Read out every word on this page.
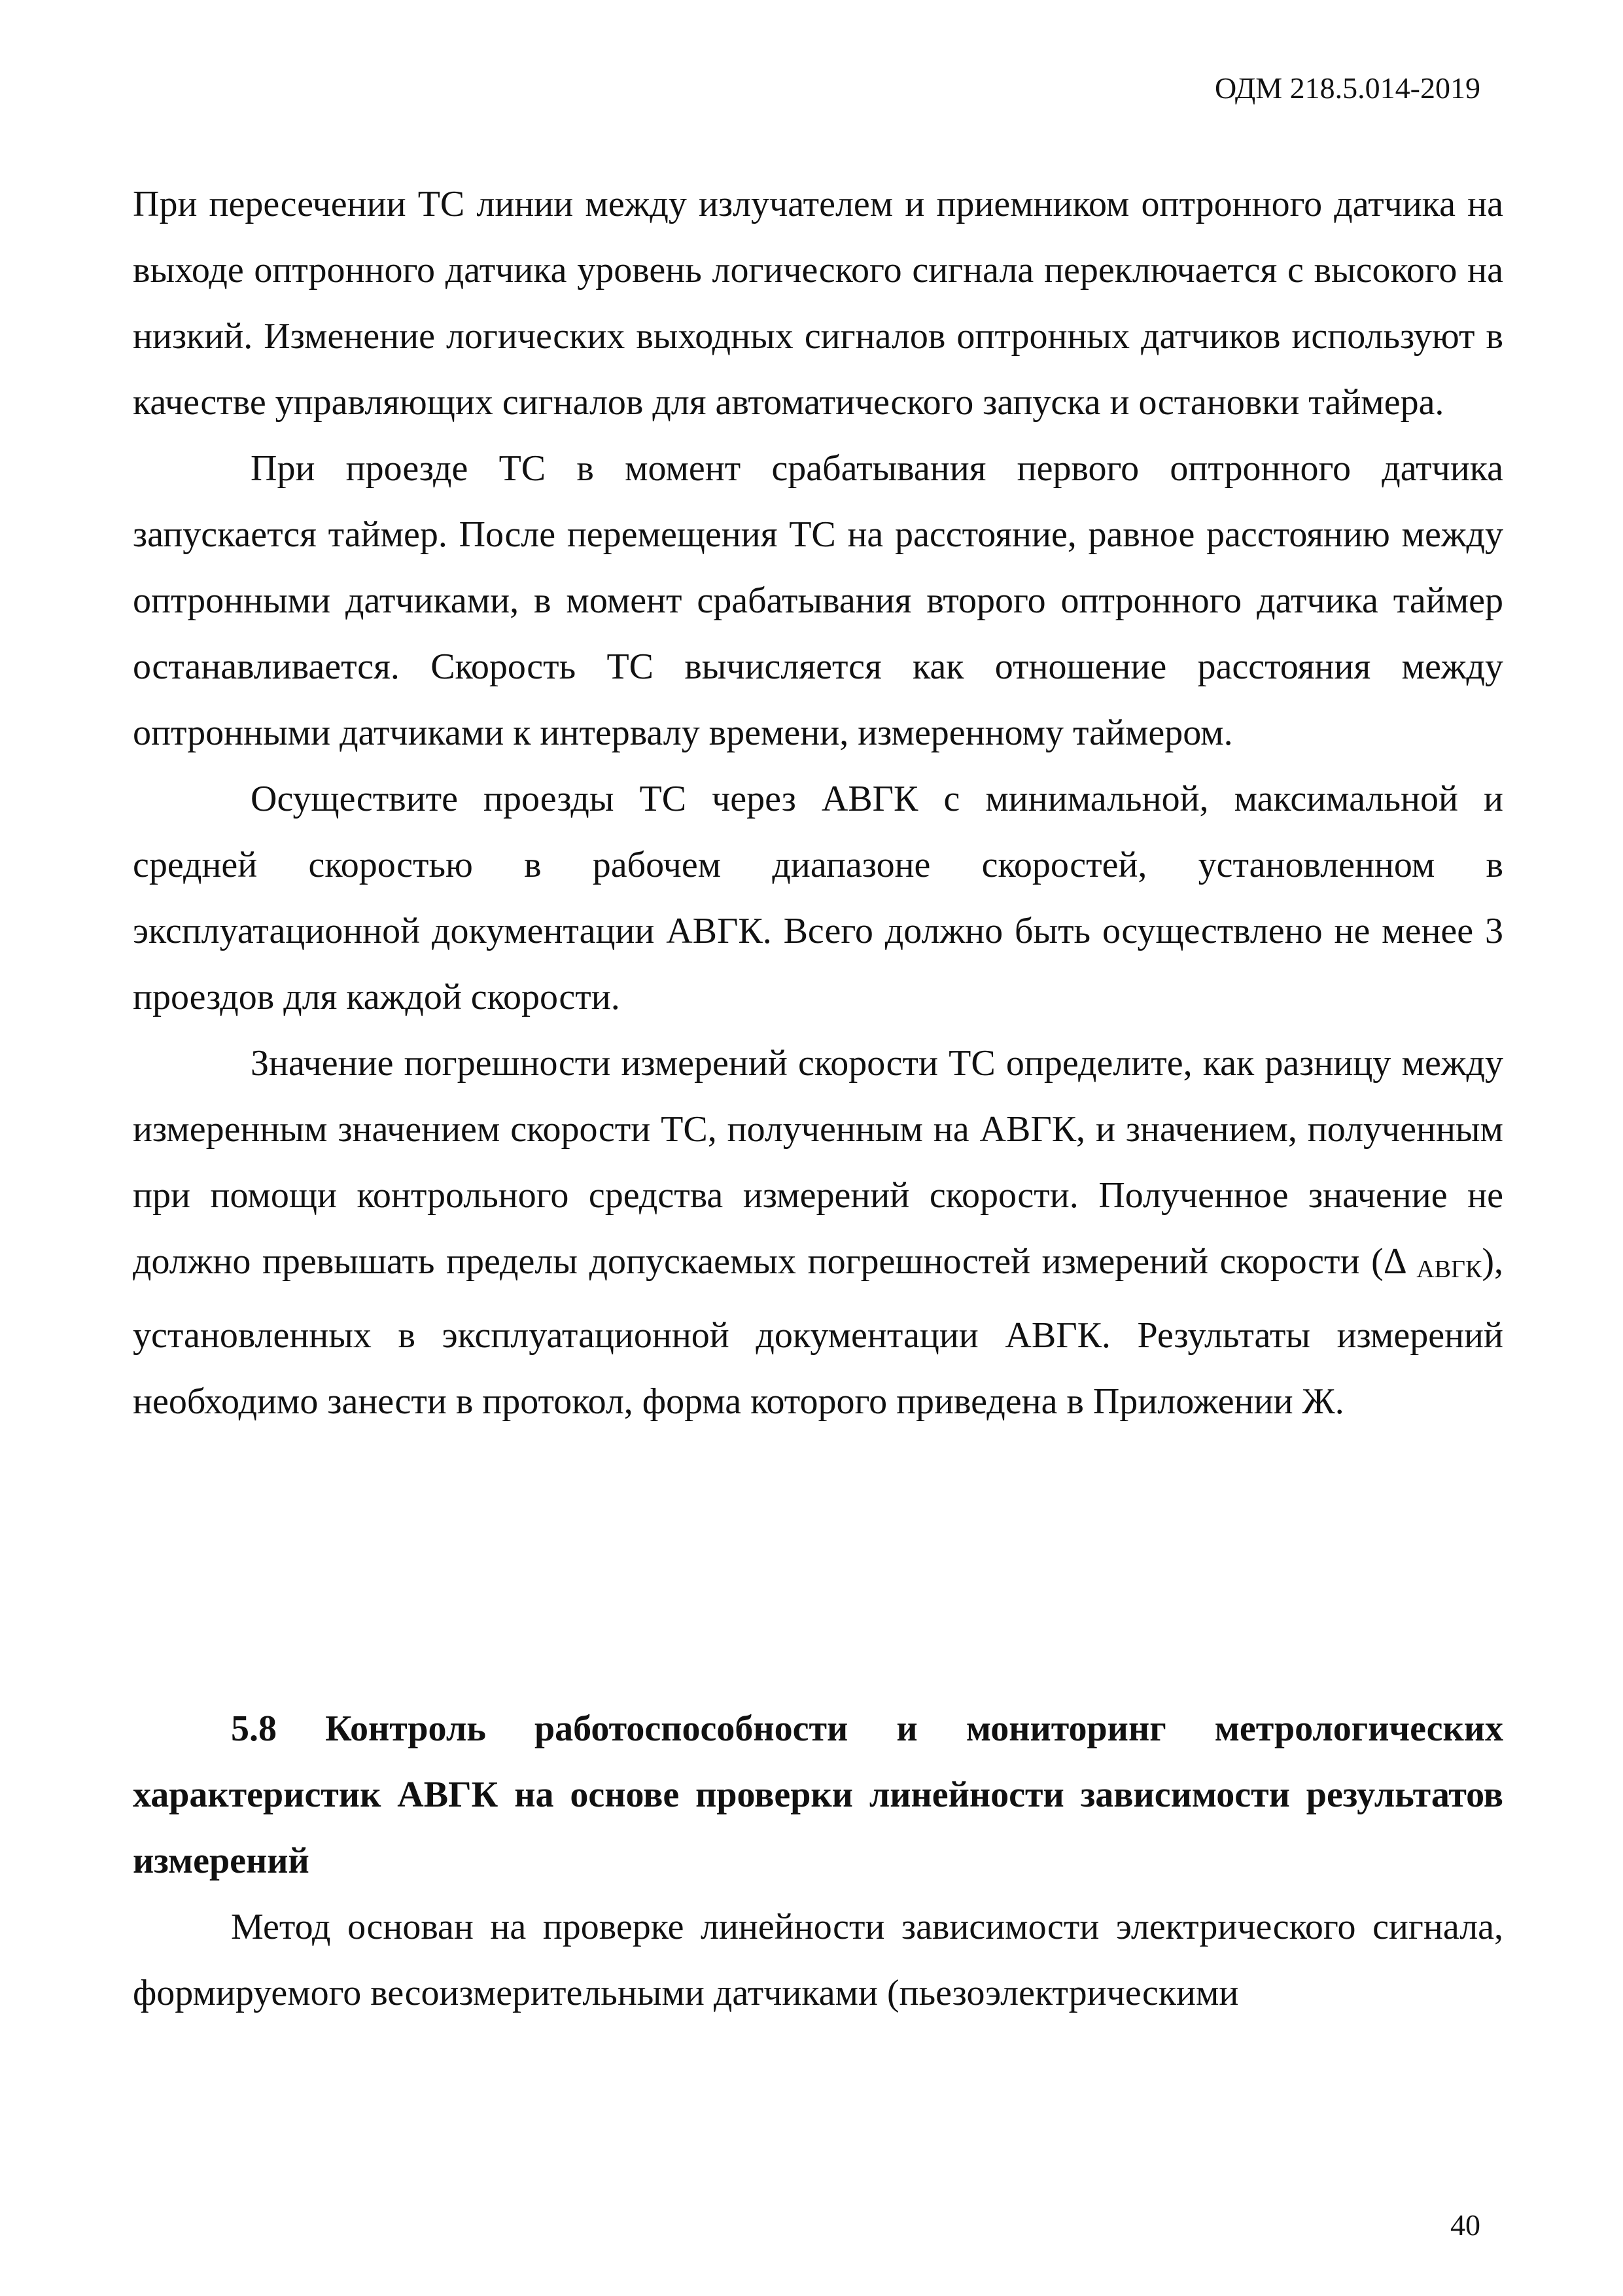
ОДМ 218.5.014-2019

При пересечении ТС линии между излучателем и приемником оптронного датчика на выходе оптронного датчика уровень логического сигнала переключается с высокого на низкий. Изменение логических выходных сигналов оптронных датчиков используют в качестве управляющих сигналов для автоматического запуска и остановки таймера.

При проезде ТС в момент срабатывания первого оптронного датчика запускается таймер. После перемещения ТС на расстояние, равное расстоянию между оптронными датчиками, в момент срабатывания второго оптронного датчика таймер останавливается. Скорость ТС вычисляется как отношение расстояния между оптронными датчиками к интервалу времени, измеренному таймером.

Осуществите проезды ТС через АВГК с минимальной, максимальной и средней скоростью в рабочем диапазоне скоростей, установленном в эксплуатационной документации АВГК. Всего должно быть осуществлено не менее 3 проездов для каждой скорости.

Значение погрешности измерений скорости ТС определите, как разницу между измеренным значением скорости ТС, полученным на АВГК, и значением, полученным при помощи контрольного средства измерений скорости. Полученное значение не должно превышать пределы допускаемых погрешностей измерений скорости (Δ $_{АВГК}$), установленных в эксплуатационной документации АВГК. Результаты измерений необходимо занести в протокол, форма которого приведена в Приложении Ж.

5.8 Контроль работоспособности и мониторинг метрологических характеристик АВГК на основе проверки линейности зависимости результатов измерений

Метод основан на проверке линейности зависимости электрического сигнала, формируемого весоизмерительными датчиками (пьезоэлектрическими

40
